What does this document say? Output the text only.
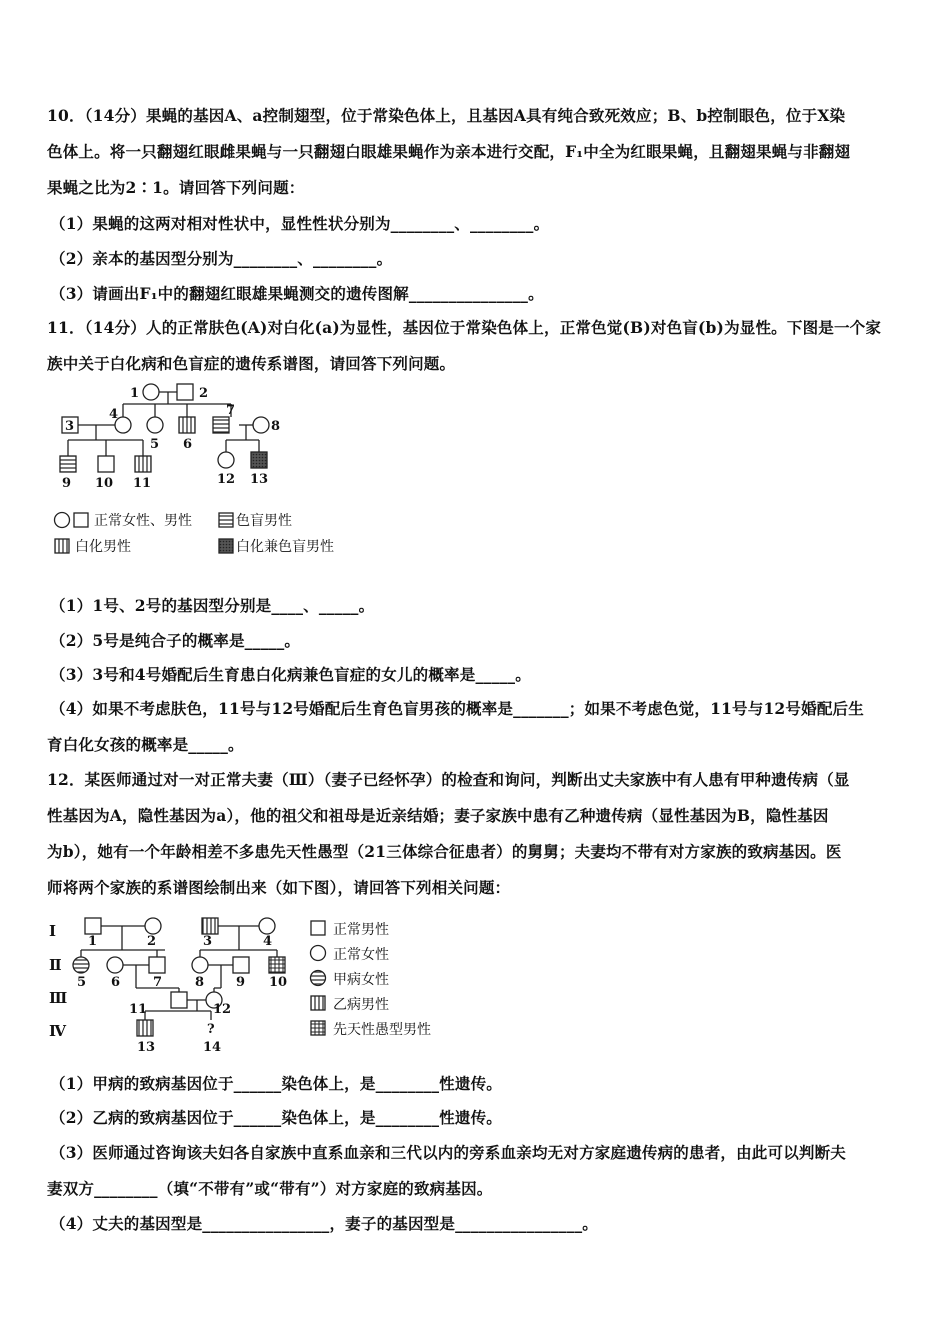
10．（14分）果蝇的基因A、a控制翅型，位于常染色体上，且基因A具有纯合致死效应；B、b控制眼色，位于X染
色体上。将一只翻翅红眼雌果蝇与一只翻翅白眼雄果蝇作为亲本进行交配，F₁中全为红眼果蝇，且翻翅果蝇与非翻翅
果蝇之比为2∶1。请回答下列问题：
（1）果蝇的这两对相对性状中，显性性状分别为________、________。
（2）亲本的基因型分别为________、________。
（3）请画出F₁中的翻翅红眼雄果蝇测交的遗传图解_______________。
11．（14分）人的正常肤色(A)对白化(a)为显性，基因位于常染色体上，正常色觉(B)对色盲(b)为显性。下图是一个家
族中关于白化病和色盲症的遗传系谱图，请回答下列问题。
1	2
3
4
5 6
7
8
9 10 11	12 13
正常女性、男性	色盲男性
白化男性	白化兼色盲男性
（1）1号、2号的基因型分别是____、_____。
（2）5号是纯合子的概率是_____。
（3）3号和4号婚配后生育患白化病兼色盲症的女儿的概率是_____。
（4）如果不考虑肤色，11号与12号婚配后生育色盲男孩的概率是_______；如果不考虑色觉，11号与12号婚配后生
育白化女孩的概率是_____。
12．某医师通过对一对正常夫妻（Ⅲ）（妻子已经怀孕）的检查和询问，判断出丈夫家族中有人患有甲种遗传病（显
性基因为A，隐性基因为a），他的祖父和祖母是近亲结婚；妻子家族中患有乙种遗传病（显性基因为B，隐性基因
为b），她有一个年龄相差不多患先天性愚型（21三体综合征患者）的舅舅；夫妻均不带有对方家族的致病基因。医
师将两个家族的系谱图绘制出来（如下图），请回答下列相关问题：
Ⅰ
Ⅱ
Ⅲ
Ⅳ
1	2	3	4
5 6	7	8 9 10
11	12
13	14
?
正常男性
正常女性
甲病女性
乙病男性
先天性愚型男性
（1）甲病的致病基因位于______染色体上，是________性遗传。
（2）乙病的致病基因位于______染色体上，是________性遗传。
（3）医师通过咨询该夫妇各自家族中直系血亲和三代以内的旁系血亲均无对方家庭遗传病的患者，由此可以判断夫
妻双方________（填“不带有”或“带有”）对方家庭的致病基因。
（4）丈夫的基因型是________________，妻子的基因型是________________。
